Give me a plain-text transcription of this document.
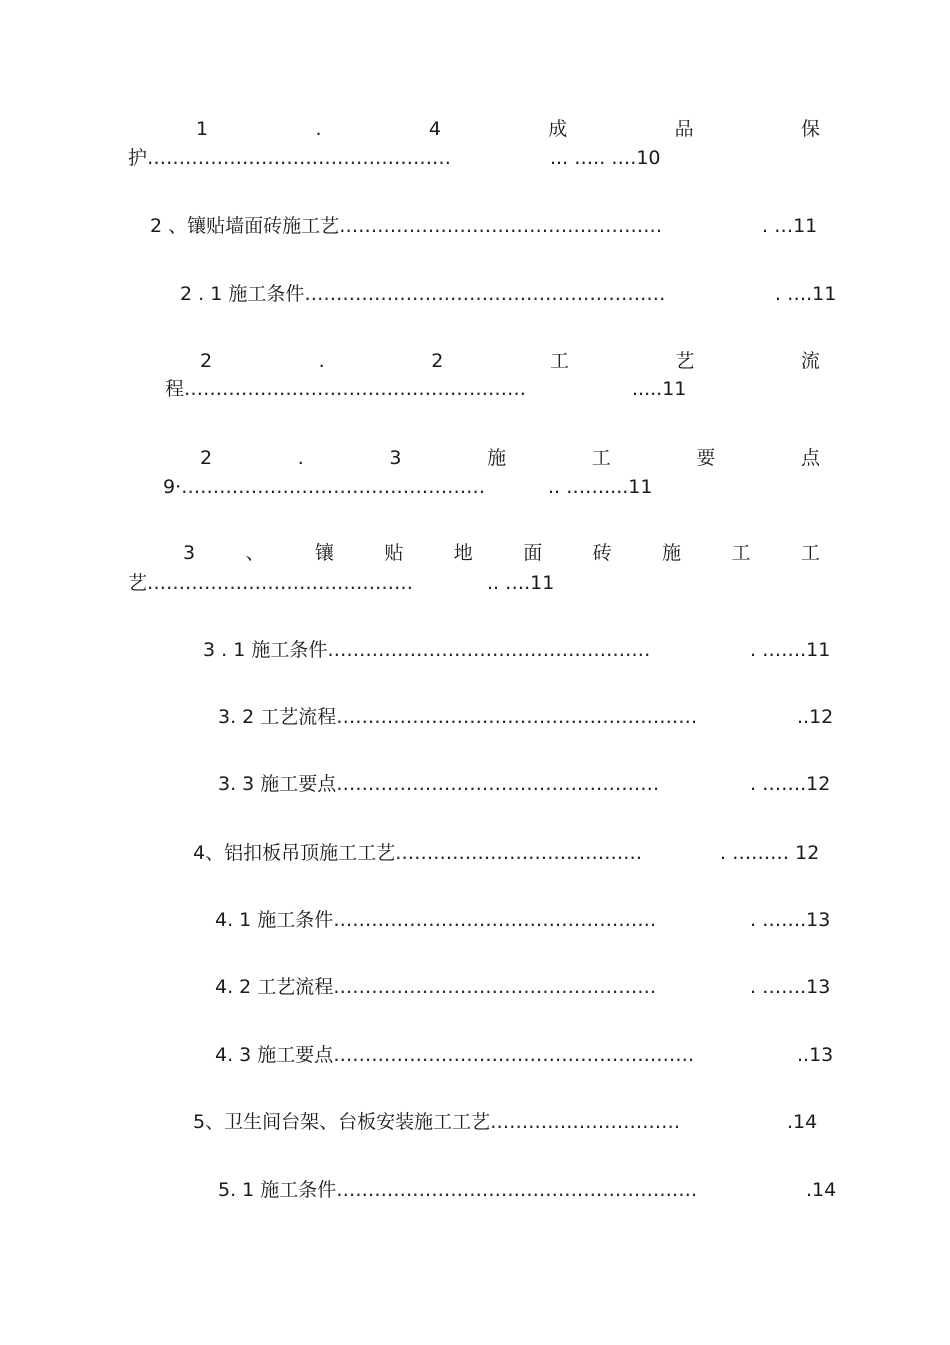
1	.	4	成	品	保
护…………………………………………	... ….. ….10
2 、镶贴墙面砖施工艺……………………………………………	. …11
2 . 1 施工条件…………………………………………………	. ….11
2	.	2	工	艺	流
程………………………………………………	.....11
2	.	3	施	工	要	点
9·…………………………………………	.. ……....11
3	、	镶	贴	地	面	砖	施	工	工
艺……………………………………	.. ….11
3 . 1 施工条件……………………………………………	. …….11
3. 2 工艺流程…………………………………………………	..12
3. 3 施工要点……………………………………………	. …….12
4、铝扣板吊顶施工工艺…………………………………	. ……… 12
4. 1 施工条件……………………………………………	. …….13
4. 2 工艺流程……………………………………………	. …….13
4. 3 施工要点…………………………………………………	..13
5、卫生间台架、台板安装施工工艺…………………………	.14
5. 1 施工条件…………………………………………………	.14
